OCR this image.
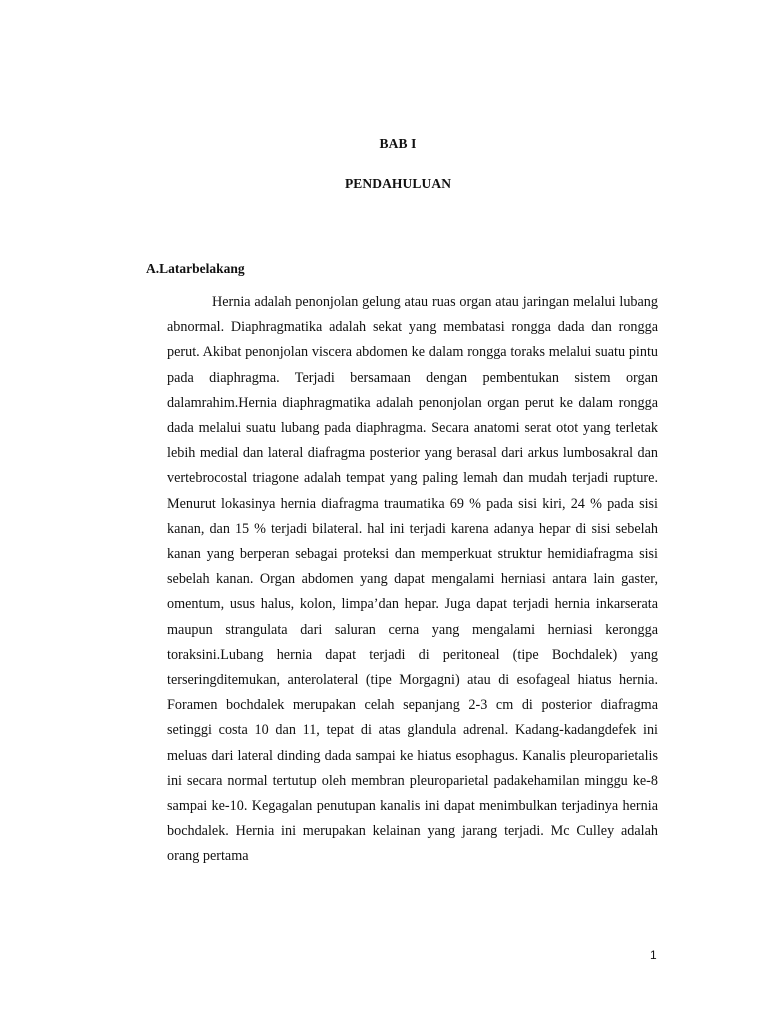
BAB I
PENDAHULUAN
A.Latarbelakang

Hernia adalah penonjolan gelung atau ruas organ atau jaringan melalui lubang abnormal. Diaphragmatika adalah sekat yang membatasi rongga dada dan rongga perut. Akibat penonjolan viscera abdomen ke dalam rongga toraks melalui suatu pintu pada diaphragma. Terjadi bersamaan dengan pembentukan sistem organ dalamrahim.Hernia diaphragmatika adalah penonjolan organ perut ke dalam rongga dada melalui suatu lubang pada diaphragma. Secara anatomi serat otot yang terletak lebih medial dan lateral diafragma posterior yang berasal dari arkus lumbosakral dan vertebrocostal triagone adalah tempat yang paling lemah dan mudah terjadi rupture. Menurut lokasinya hernia diafragma traumatika 69 % pada sisi kiri, 24 % pada sisi kanan, dan 15 % terjadi bilateral. hal ini terjadi karena adanya hepar di sisi sebelah kanan yang berperan sebagai proteksi dan memperkuat struktur hemidiafragma sisi sebelah kanan. Organ abdomen yang dapat mengalami herniasi antara lain gaster, omentum, usus halus, kolon, limpa’dan hepar. Juga dapat terjadi hernia inkarserata maupun strangulata dari saluran cerna yang mengalami herniasi kerongga toraksini.Lubang hernia dapat terjadi di peritoneal (tipe Bochdalek) yang terseringditemukan, anterolateral (tipe Morgagni) atau di esofageal hiatus hernia. Foramen bochdalek merupakan celah sepanjang 2-3 cm di posterior diafragma setinggi costa 10 dan 11, tepat di atas glandula adrenal. Kadang-kadangdefek ini meluas dari lateral dinding dada sampai ke hiatus esophagus. Kanalis pleuroparietalis ini secara normal tertutup oleh membran pleuroparietal padakehamilan minggu ke-8 sampai ke-10. Kegagalan penutupan kanalis ini dapat menimbulkan terjadinya hernia bochdalek. Hernia ini merupakan kelainan yang jarang terjadi. Mc Culley adalah orang pertama

1
